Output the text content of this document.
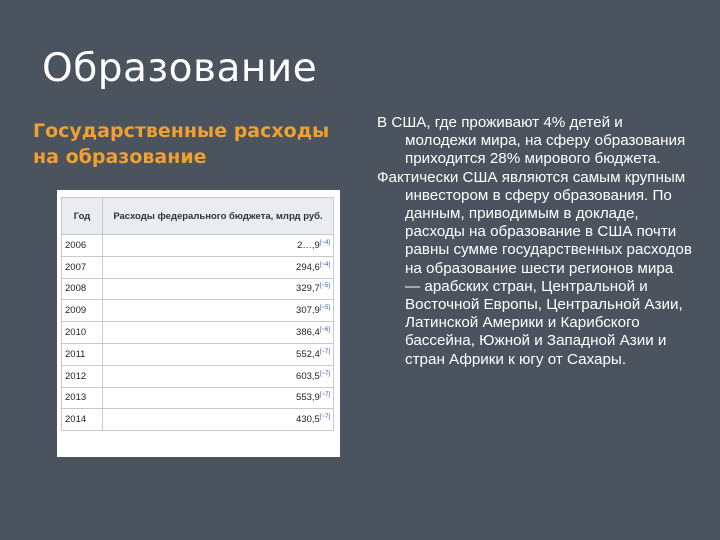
Образование
Государственные расходы на образование
Год	Расходы федерального бюджета, млрд руб.
2006	2…,9[~4]
2007	294,6[~4]
2008	329,7[~5]
2009	307,9[~5]
2010	386,4[~6]
2011	552,4[~7]
2012	603,5[~7]
2013	553,9[~7]
2014	430,5[~7]

В США, где проживают 4% детей и молодежи мира, на сферу образования приходится 28% мирового бюджета.

Фактически США являются самым крупным инвестором в сферу образования. По данным, приводимым в докладе, расходы на образование в США почти равны сумме государственных расходов на образование шести регионов мира — арабских стран, Центральной и Восточной Европы, Центральной Азии, Латинской Америки и Карибского бассейна, Южной и Западной Азии и стран Африки к югу от Сахары.
